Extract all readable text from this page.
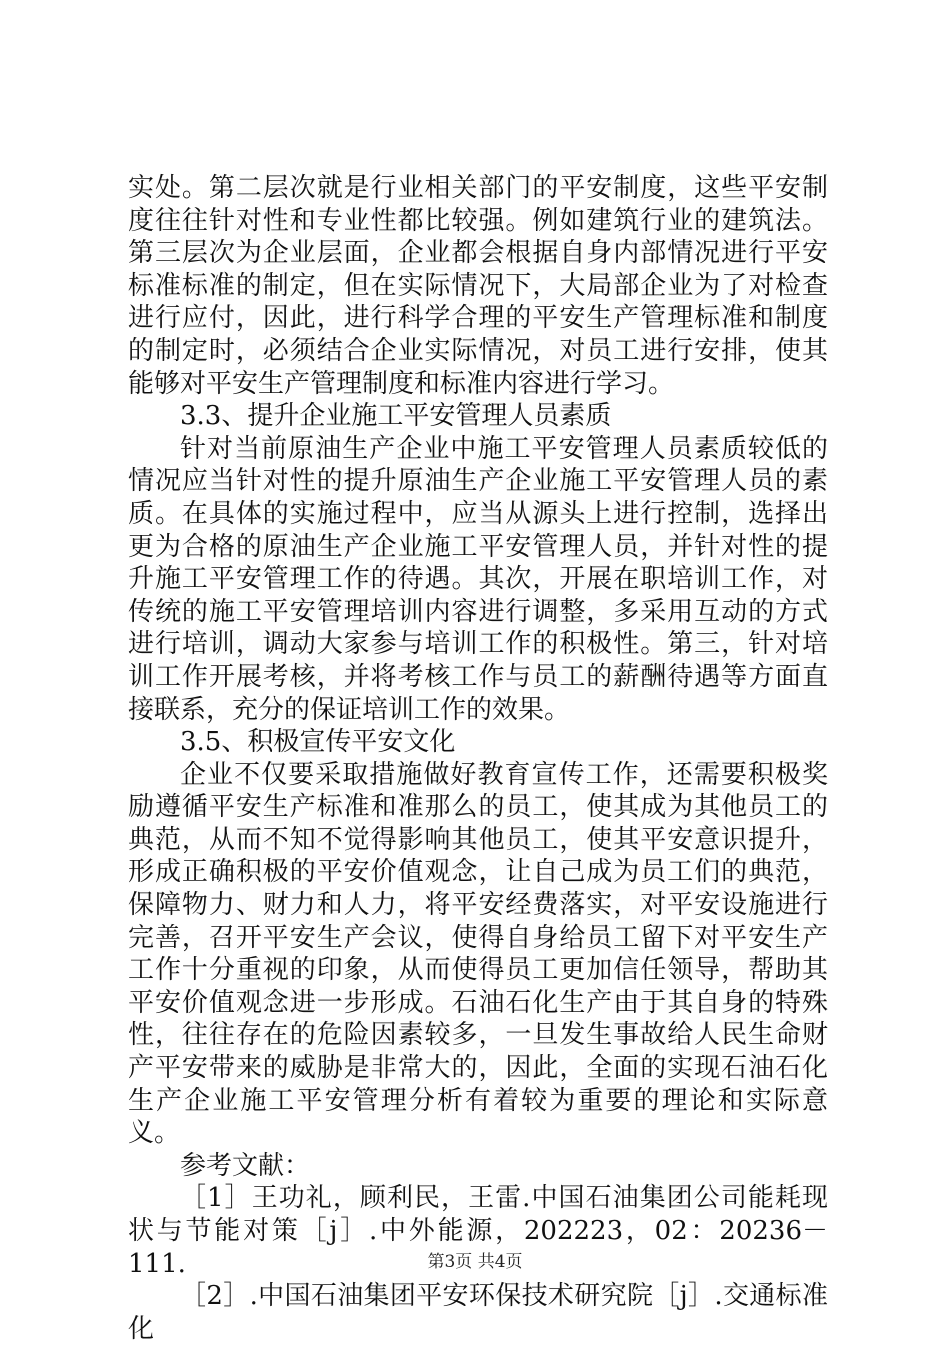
实处。第二层次就是行业相关部门的平安制度，这些平安制度往往针对性和专业性都比较强。例如建筑行业的建筑法。第三层次为企业层面，企业都会根据自身内部情况进行平安标准标准的制定，但在实际情况下，大局部企业为了对检查进行应付，因此，进行科学合理的平安生产管理标准和制度的制定时，必须结合企业实际情况，对员工进行安排，使其能够对平安生产管理制度和标准内容进行学习。

3.3、提升企业施工平安管理人员素质

针对当前原油生产企业中施工平安管理人员素质较低的情况应当针对性的提升原油生产企业施工平安管理人员的素质。在具体的实施过程中，应当从源头上进行控制，选择出更为合格的原油生产企业施工平安管理人员，并针对性的提升施工平安管理工作的待遇。其次，开展在职培训工作，对传统的施工平安管理培训内容进行调整，多采用互动的方式进行培训，调动大家参与培训工作的积极性。第三，针对培训工作开展考核，并将考核工作与员工的薪酬待遇等方面直接联系，充分的保证培训工作的效果。

3.5、积极宣传平安文化

企业不仅要采取措施做好教育宣传工作，还需要积极奖励遵循平安生产标准和准那么的员工，使其成为其他员工的典范，从而不知不觉得影响其他员工，使其平安意识提升，形成正确积极的平安价值观念，让自己成为员工们的典范，保障物力、财力和人力，将平安经费落实，对平安设施进行完善，召开平安生产会议，使得自身给员工留下对平安生产工作十分重视的印象，从而使得员工更加信任领导，帮助其平安价值观念进一步形成。石油石化生产由于其自身的特殊性，往往存在的危险因素较多，一旦发生事故给人民生命财产平安带来的威胁是非常大的，因此，全面的实现石油石化生产企业施工平安管理分析有着较为重要的理论和实际意义。

参考文献：

［1］王功礼，顾利民，王雷.中国石油集团公司能耗现状与节能对策［j］.中外能源，202223，02：20236－111.

［2］.中国石油集团平安环保技术研究院［j］.交通标准化

第3页 共4页
